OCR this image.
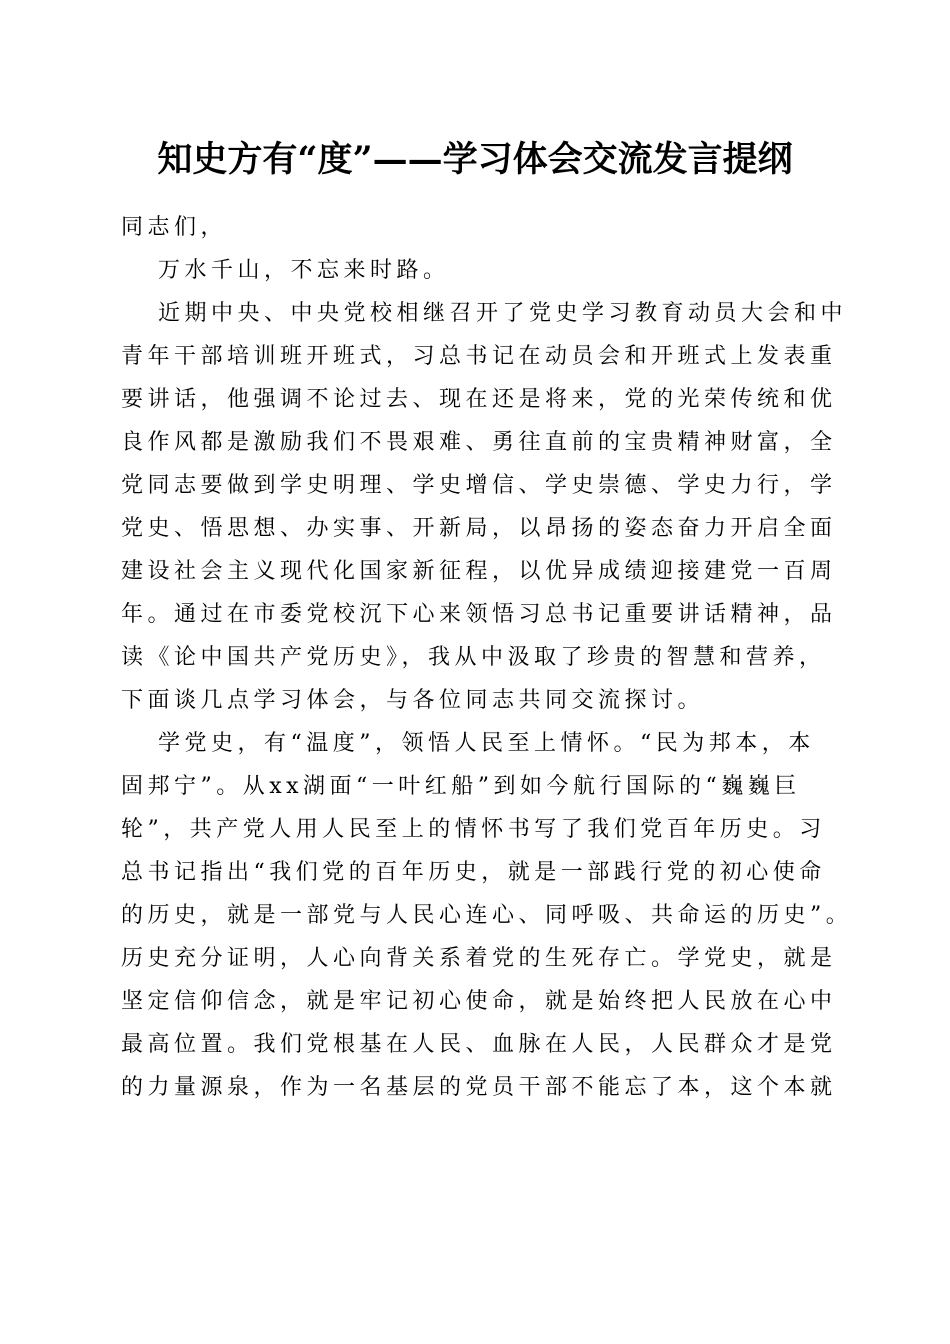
知史方有“度”——学习体会交流发言提纲
同志们，
万水千山，不忘来时路。
近期中央、中央党校相继召开了党史学习教育动员大会和中
青年干部培训班开班式，习总书记在动员会和开班式上发表重
要讲话，他强调不论过去、现在还是将来，党的光荣传统和优
良作风都是激励我们不畏艰难、勇往直前的宝贵精神财富，全
党同志要做到学史明理、学史增信、学史崇德、学史力行，学
党史、悟思想、办实事、开新局，以昂扬的姿态奋力开启全面
建设社会主义现代化国家新征程，以优异成绩迎接建党一百周
年。通过在市委党校沉下心来领悟习总书记重要讲话精神，品
读《论中国共产党历史》，我从中汲取了珍贵的智慧和营养，
下面谈几点学习体会，与各位同志共同交流探讨。
学党史，有“温度”，领悟人民至上情怀。“民为邦本，本
固邦宁”。从xx湖面“一叶红船”到如今航行国际的“巍巍巨
轮”，共产党人用人民至上的情怀书写了我们党百年历史。习
总书记指出“我们党的百年历史，就是一部践行党的初心使命
的历史，就是一部党与人民心连心、同呼吸、共命运的历史”。
历史充分证明，人心向背关系着党的生死存亡。学党史，就是
坚定信仰信念，就是牢记初心使命，就是始终把人民放在心中
最高位置。我们党根基在人民、血脉在人民，人民群众才是党
的力量源泉，作为一名基层的党员干部不能忘了本，这个本就
